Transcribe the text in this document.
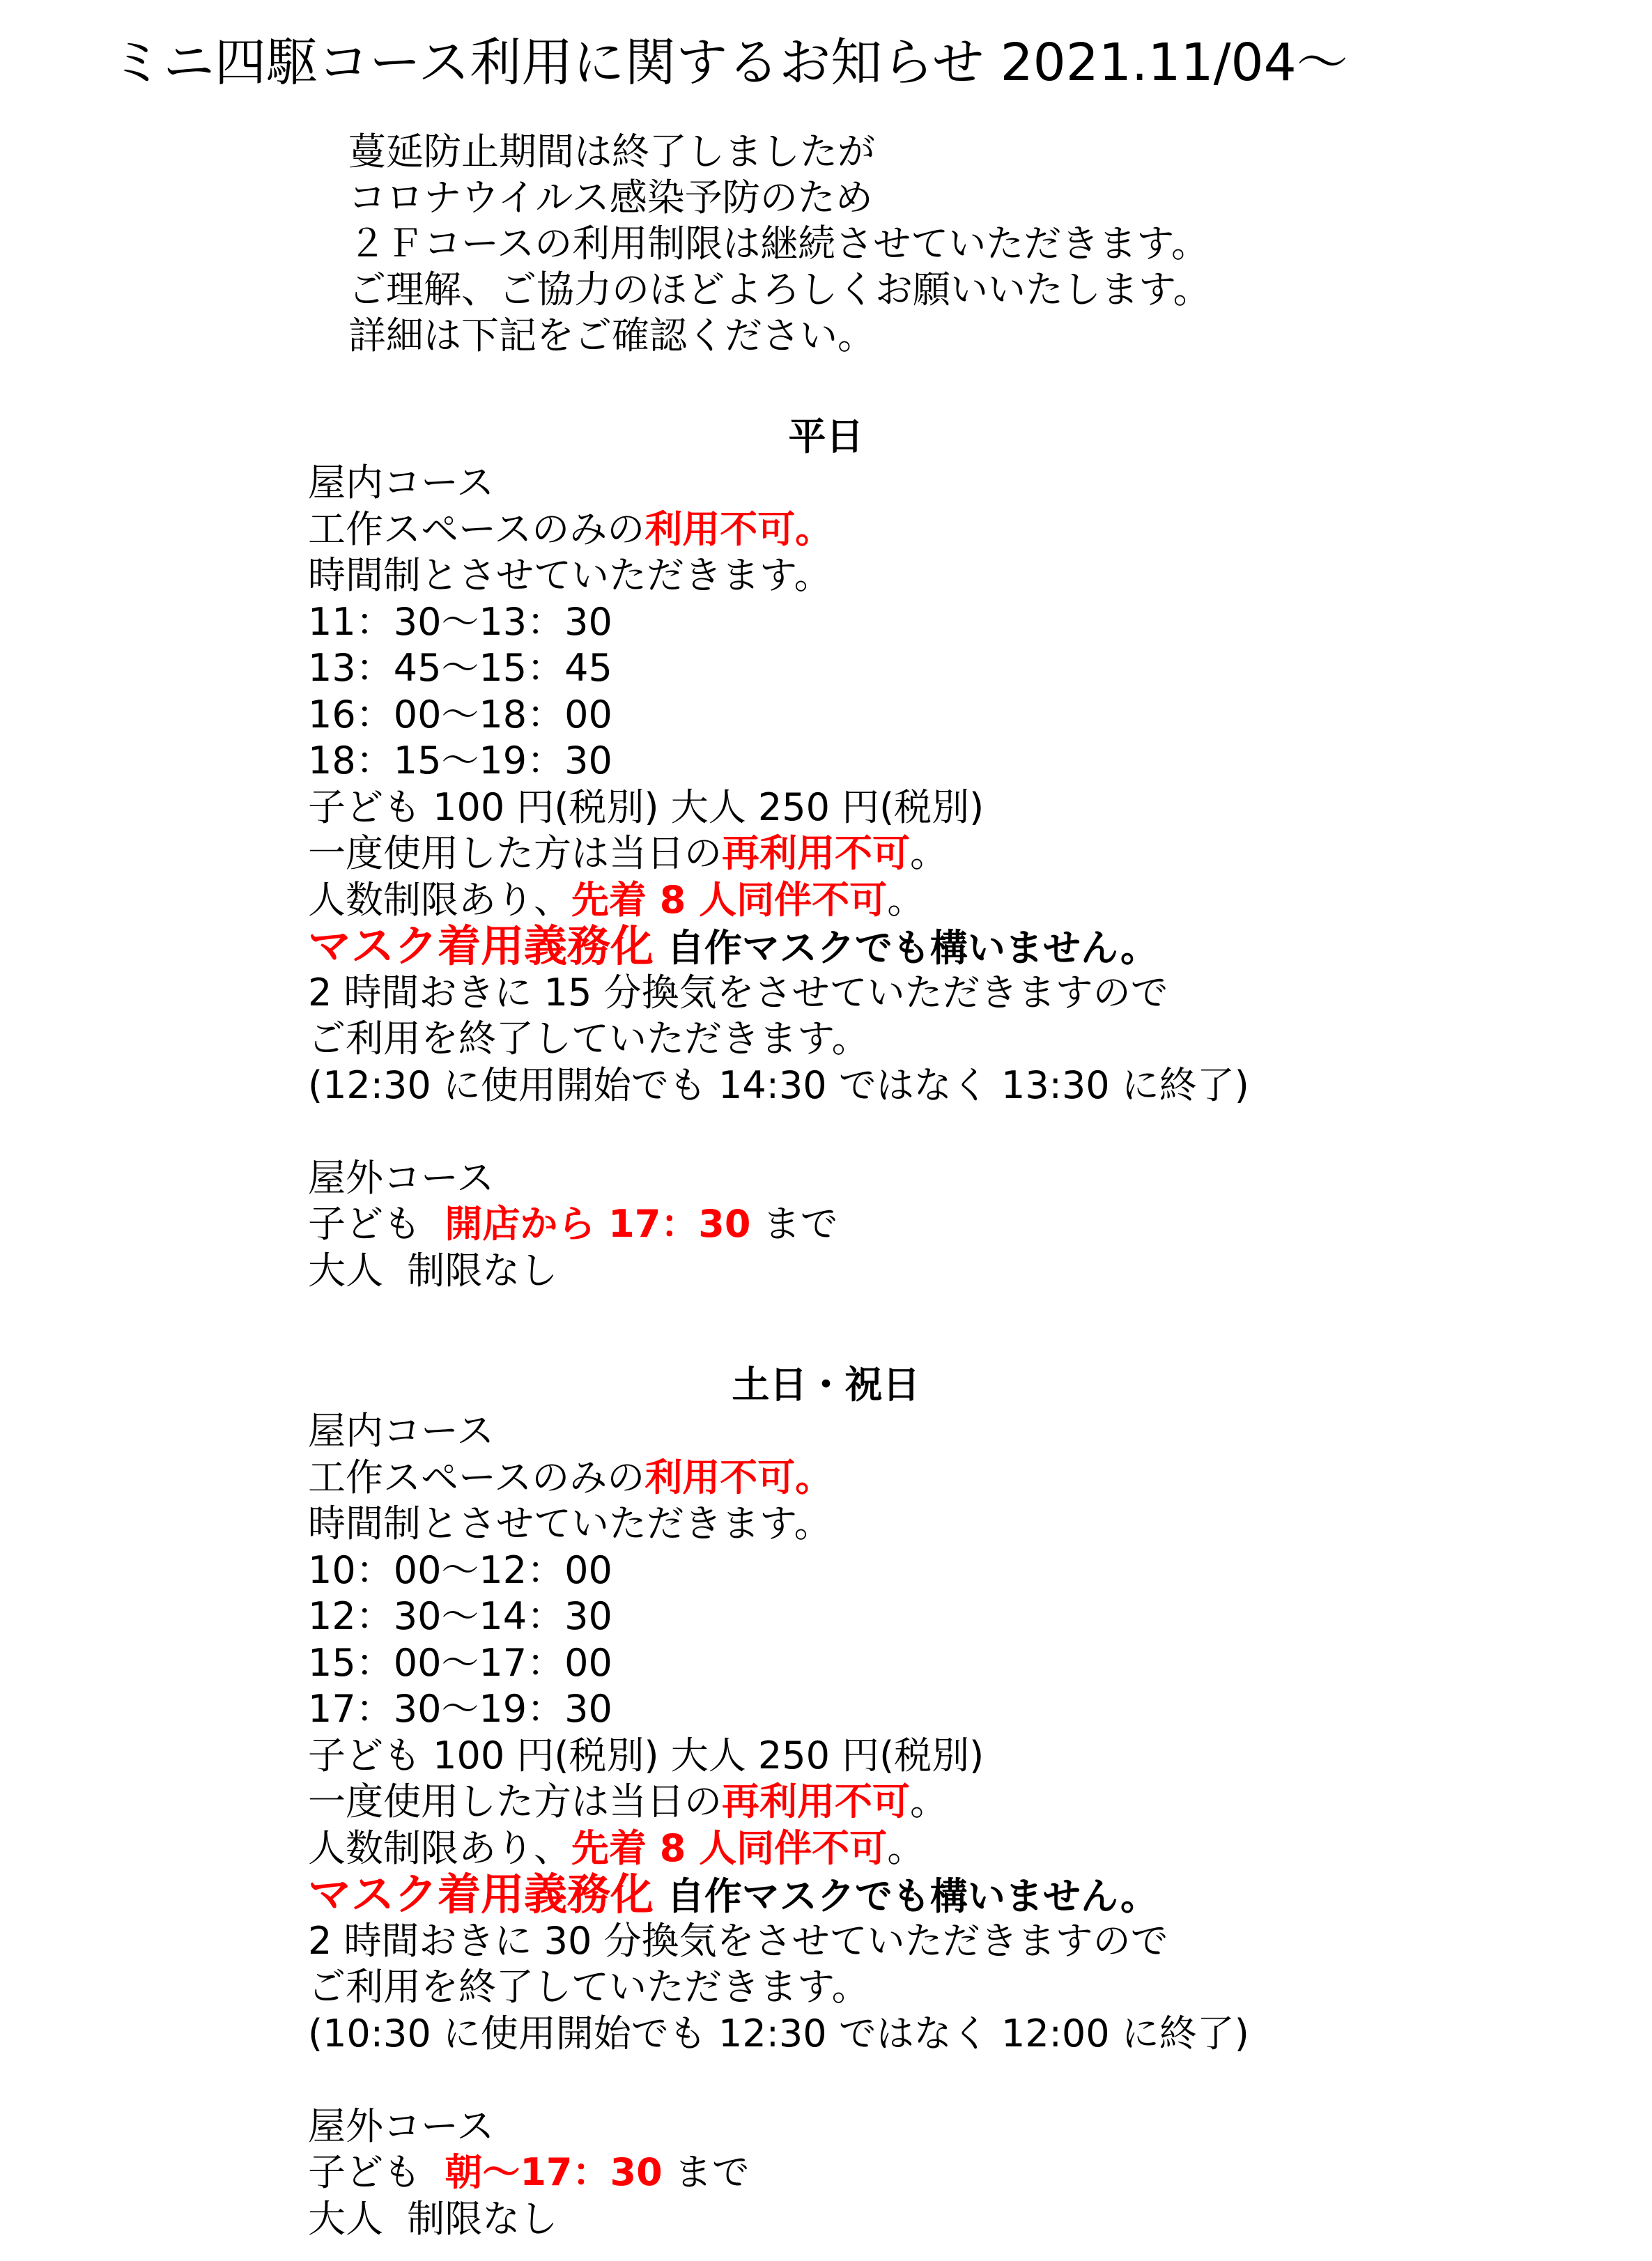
ミニ四駆コース利用に関するお知らせ 2021.11/04～
蔓延防止期間は終了しましたが
コロナウイルス感染予防のため
２Ｆコースの利用制限は継続させていただきます。
ご理解、ご協力のほどよろしくお願いいたします。
詳細は下記をご確認ください。
平日
屋内コース
工作スペースのみの利用不可。
時間制とさせていただきます。
11：30～13：30
13：45～15：45
16：00～18：00
18：15～19：30
子ども 100 円(税別) 大人 250 円(税別)
一度使用した方は当日の再利用不可。
人数制限あり、先着 8 人同伴不可。
マスク着用義務化 自作マスクでも構いません。
2 時間おきに 15 分換気をさせていただきますので
ご利用を終了していただきます。
(12:30 に使用開始でも 14:30 ではなく 13:30 に終了)
屋外コース
子ども  開店から 17：30 まで
大人  制限なし
土日・祝日
屋内コース
工作スペースのみの利用不可。
時間制とさせていただきます。
10：00～12：00
12：30～14：30
15：00～17：00
17：30～19：30
子ども 100 円(税別) 大人 250 円(税別)
一度使用した方は当日の再利用不可。
人数制限あり、先着 8 人同伴不可。
マスク着用義務化 自作マスクでも構いません。
2 時間おきに 30 分換気をさせていただきますので
ご利用を終了していただきます。
(10:30 に使用開始でも 12:30 ではなく 12:00 に終了)
屋外コース
子ども  朝～17：30 まで
大人  制限なし
